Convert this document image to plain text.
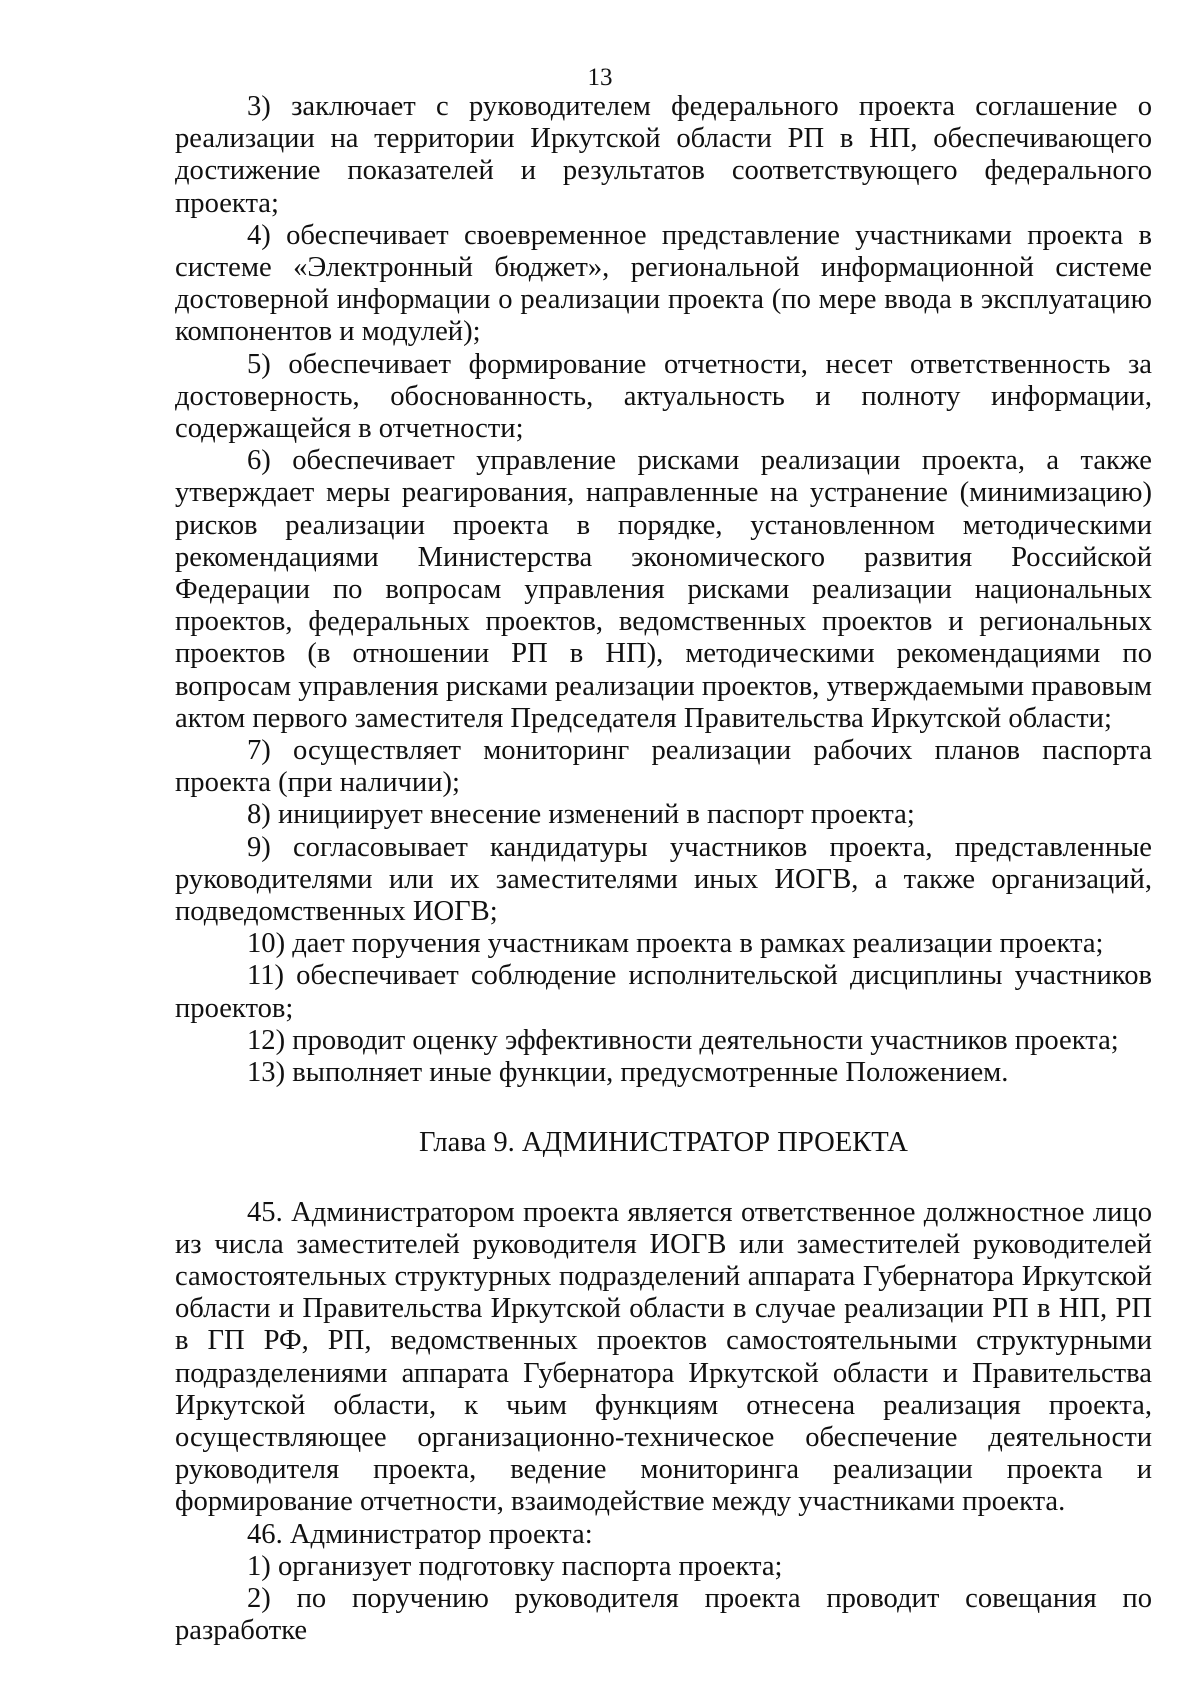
13

3) заключает с руководителем федерального проекта соглашение о реализации на территории Иркутской области РП в НП, обеспечивающего достижение показателей и результатов соответствующего федерального проекта;

4) обеспечивает своевременное представление участниками проекта в системе «Электронный бюджет», региональной информационной системе достоверной информации о реализации проекта (по мере ввода в эксплуатацию компонентов и модулей);

5) обеспечивает формирование отчетности, несет ответственность за достоверность, обоснованность, актуальность и полноту информации, содержащейся в отчетности;

6) обеспечивает управление рисками реализации проекта, а также утверждает меры реагирования, направленные на устранение (минимизацию) рисков реализации проекта в порядке, установленном методическими рекомендациями Министерства экономического развития Российской Федерации по вопросам управления рисками реализации национальных проектов, федеральных проектов, ведомственных проектов и региональных проектов (в отношении РП в НП), методическими рекомендациями по вопросам управления рисками реализации проектов, утверждаемыми правовым актом первого заместителя Председателя Правительства Иркутской области;

7) осуществляет мониторинг реализации рабочих планов паспорта проекта (при наличии);

8) инициирует внесение изменений в паспорт проекта;

9) согласовывает кандидатуры участников проекта, представленные руководителями или их заместителями иных ИОГВ, а также организаций, подведомственных ИОГВ;

10) дает поручения участникам проекта в рамках реализации проекта;

11) обеспечивает соблюдение исполнительской дисциплины участников проектов;

12) проводит оценку эффективности деятельности участников проекта;

13) выполняет иные функции, предусмотренные Положением.

Глава 9. АДМИНИСТРАТОР ПРОЕКТА

45. Администратором проекта является ответственное должностное лицо из числа заместителей руководителя ИОГВ или заместителей руководителей самостоятельных структурных подразделений аппарата Губернатора Иркутской области и Правительства Иркутской области в случае реализации РП в НП, РП в ГП РФ, РП, ведомственных проектов самостоятельными структурными подразделениями аппарата Губернатора Иркутской области и Правительства Иркутской области, к чьим функциям отнесена реализация проекта, осуществляющее организационно-техническое обеспечение деятельности руководителя проекта, ведение мониторинга реализации проекта и формирование отчетности, взаимодействие между участниками проекта.

46. Администратор проекта:

1) организует подготовку паспорта проекта;

2) по поручению руководителя проекта проводит совещания по разработке
